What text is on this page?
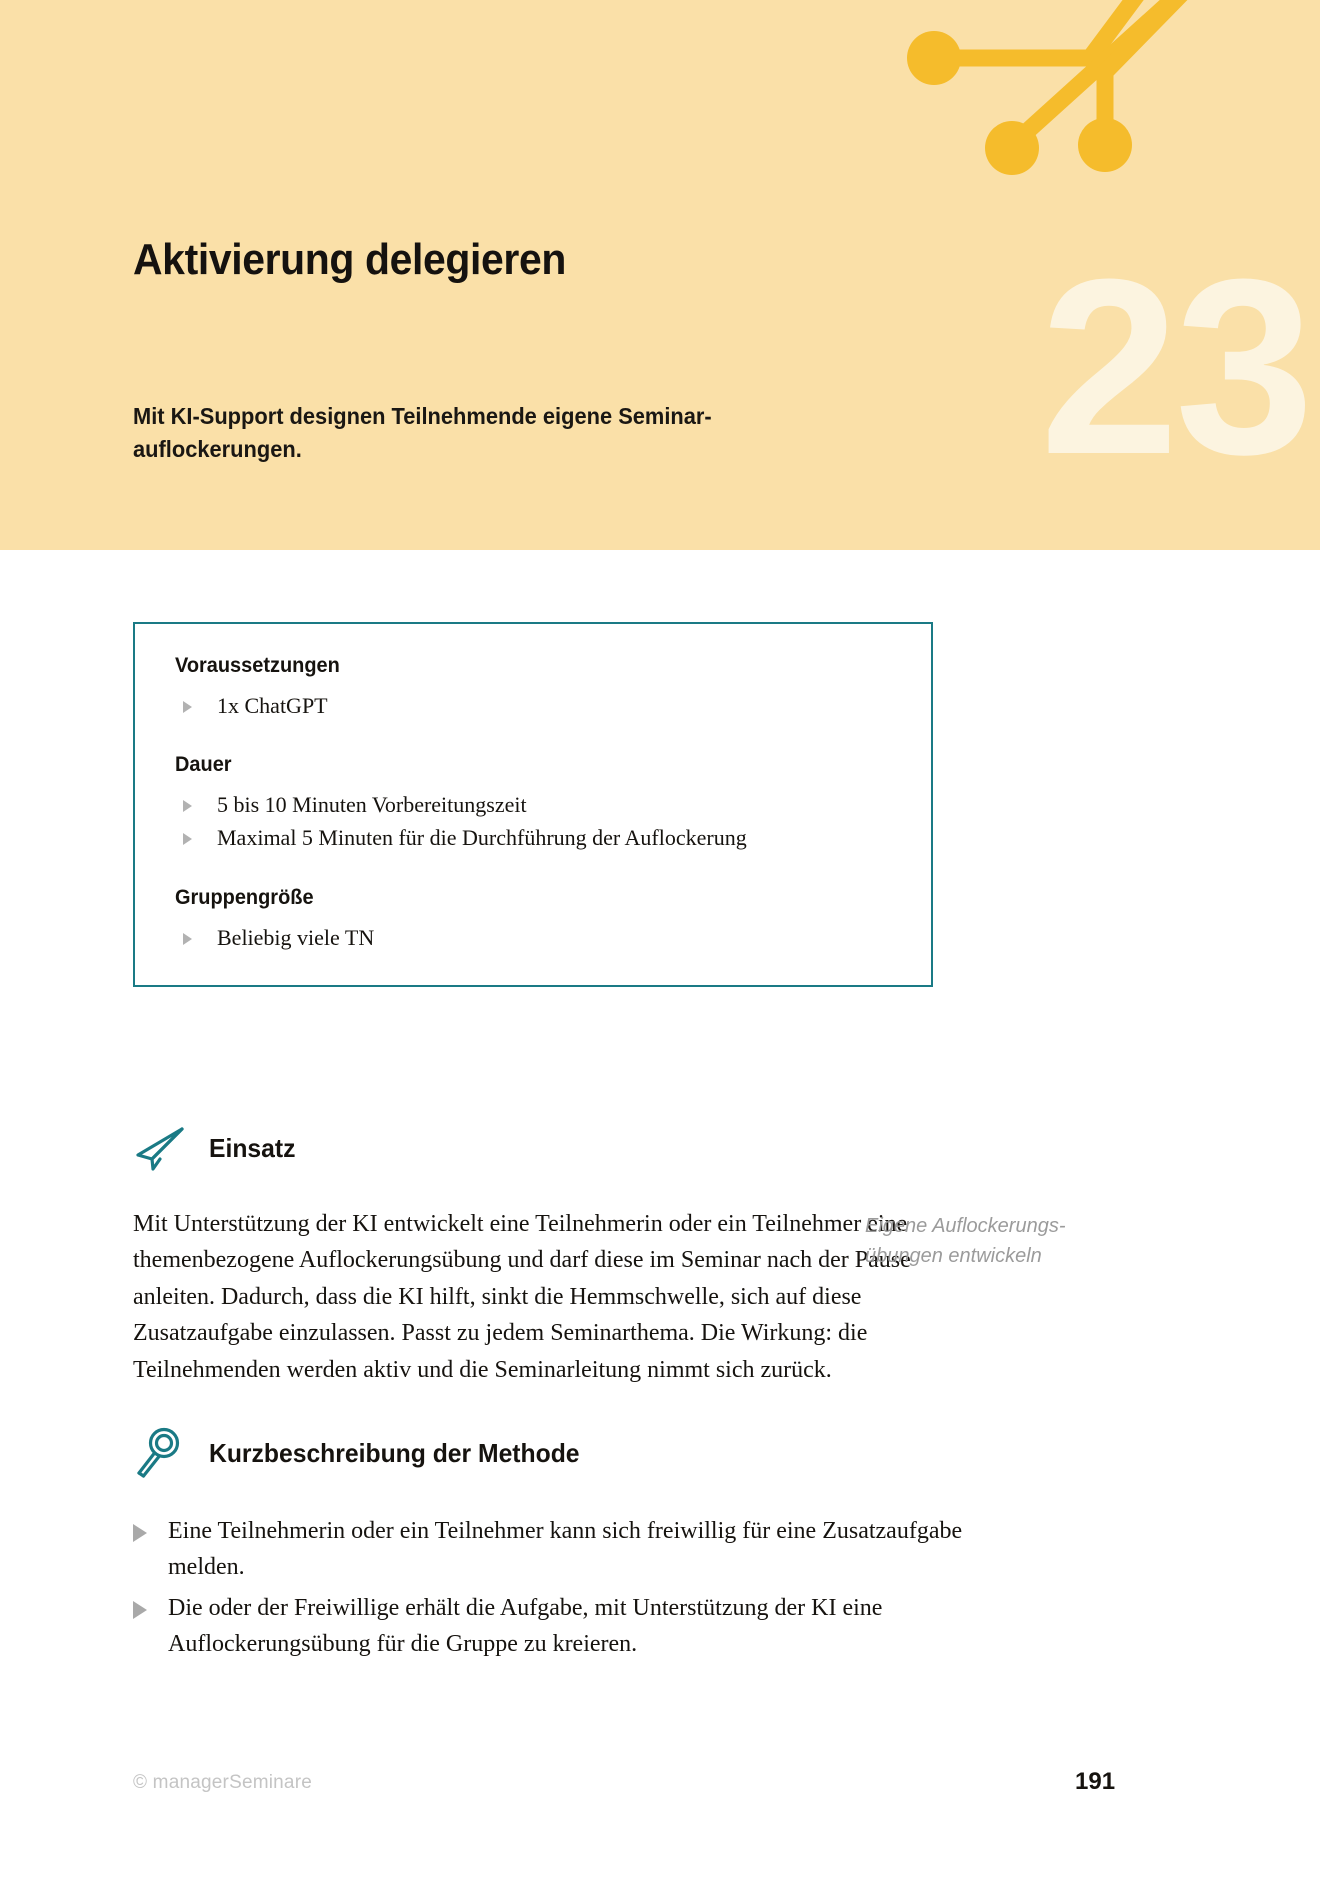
23
Aktivierung delegieren
Mit KI-Support designen Teilnehmende eigene Seminar-auflockerungen.
Voraussetzungen
1x ChatGPT
Dauer
5 bis 10 Minuten Vorbereitungszeit
Maximal 5 Minuten für die Durchführung der Auflockerung
Gruppengröße
Beliebig viele TN
Einsatz

Mit Unterstützung der KI entwickelt eine Teilnehmerin oder ein Teilnehmer eine themenbezogene Auflockerungsübung und darf diese im Seminar nach der Pause anleiten. Dadurch, dass die KI hilft, sinkt die Hemmschwelle, sich auf diese Zusatzaufgabe einzulassen. Passt zu jedem Seminarthema. Die Wirkung: die Teilnehmenden werden aktiv und die Seminarleitung nimmt sich zurück.

Eigene Auflockerungs-übungen entwickeln
Kurzbeschreibung der Methode
Eine Teilnehmerin oder ein Teilnehmer kann sich freiwillig für eine Zusatzaufgabe melden.
Die oder der Freiwillige erhält die Aufgabe, mit Unterstützung der KI eine Auflockerungsübung für die Gruppe zu kreieren.
© managerSeminare	191
